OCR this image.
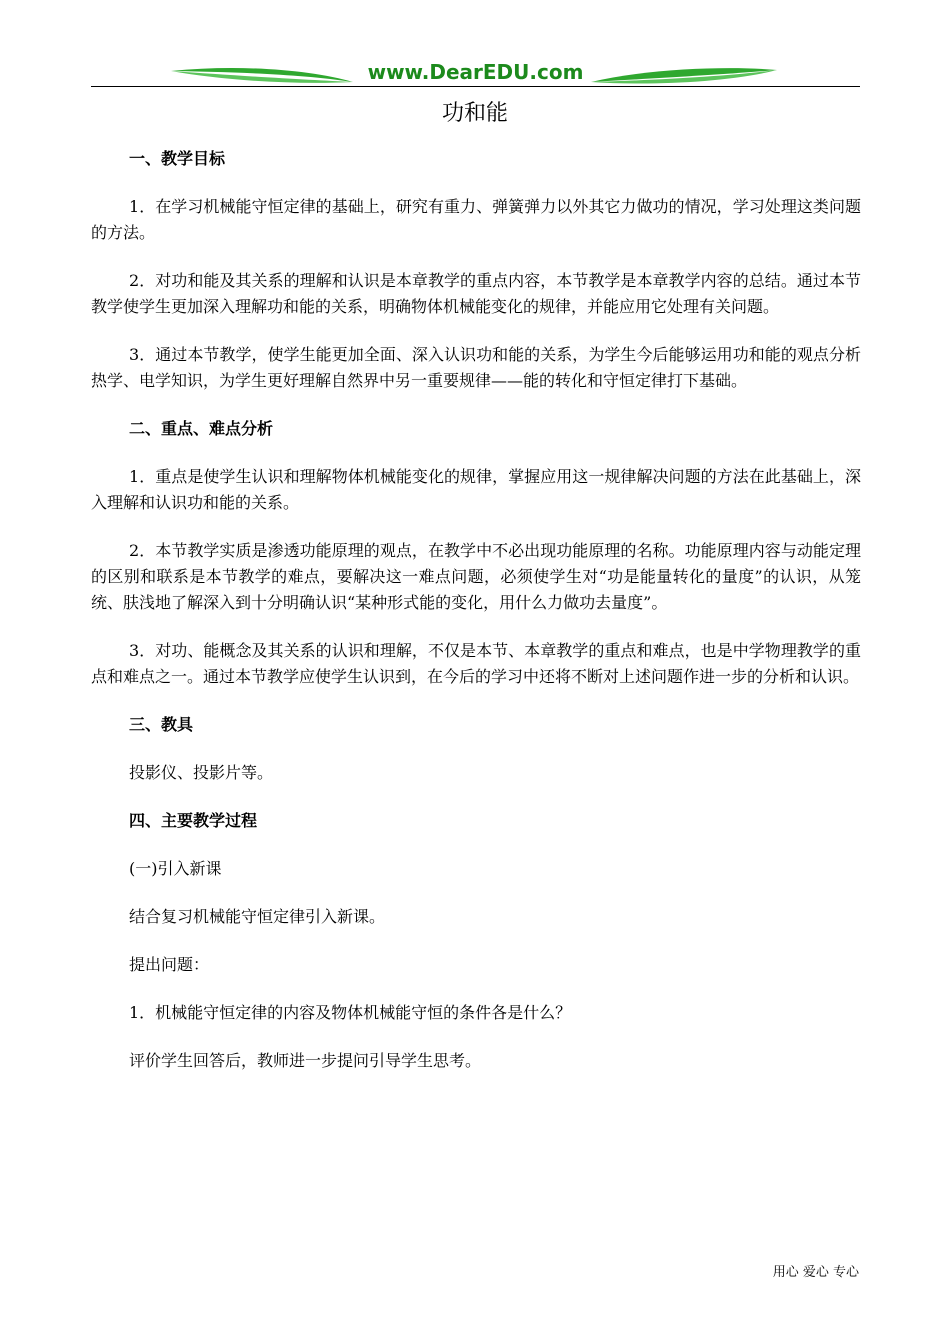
www.DearEDU.com
功和能
一、教学目标
1．在学习机械能守恒定律的基础上，研究有重力、弹簧弹力以外其它力做功的情况，学习处理这类问题的方法。
2．对功和能及其关系的理解和认识是本章教学的重点内容，本节教学是本章教学内容的总结。通过本节教学使学生更加深入理解功和能的关系，明确物体机械能变化的规律，并能应用它处理有关问题。
3．通过本节教学，使学生能更加全面、深入认识功和能的关系，为学生今后能够运用功和能的观点分析热学、电学知识，为学生更好理解自然界中另一重要规律——能的转化和守恒定律打下基础。
二、重点、难点分析
1．重点是使学生认识和理解物体机械能变化的规律，掌握应用这一规律解决问题的方法在此基础上，深入理解和认识功和能的关系。
2．本节教学实质是渗透功能原理的观点，在教学中不必出现功能原理的名称。功能原理内容与动能定理的区别和联系是本节教学的难点，要解决这一难点问题，必须使学生对“功是能量转化的量度”的认识，从笼统、肤浅地了解深入到十分明确认识“某种形式能的变化，用什么力做功去量度”。
3．对功、能概念及其关系的认识和理解，不仅是本节、本章教学的重点和难点，也是中学物理教学的重点和难点之一。通过本节教学应使学生认识到，在今后的学习中还将不断对上述问题作进一步的分析和认识。
三、教具
投影仪、投影片等。
四、主要教学过程
(一)引入新课
结合复习机械能守恒定律引入新课。
提出问题：
1．机械能守恒定律的内容及物体机械能守恒的条件各是什么？
评价学生回答后，教师进一步提问引导学生思考。
用心 爱心 专心
